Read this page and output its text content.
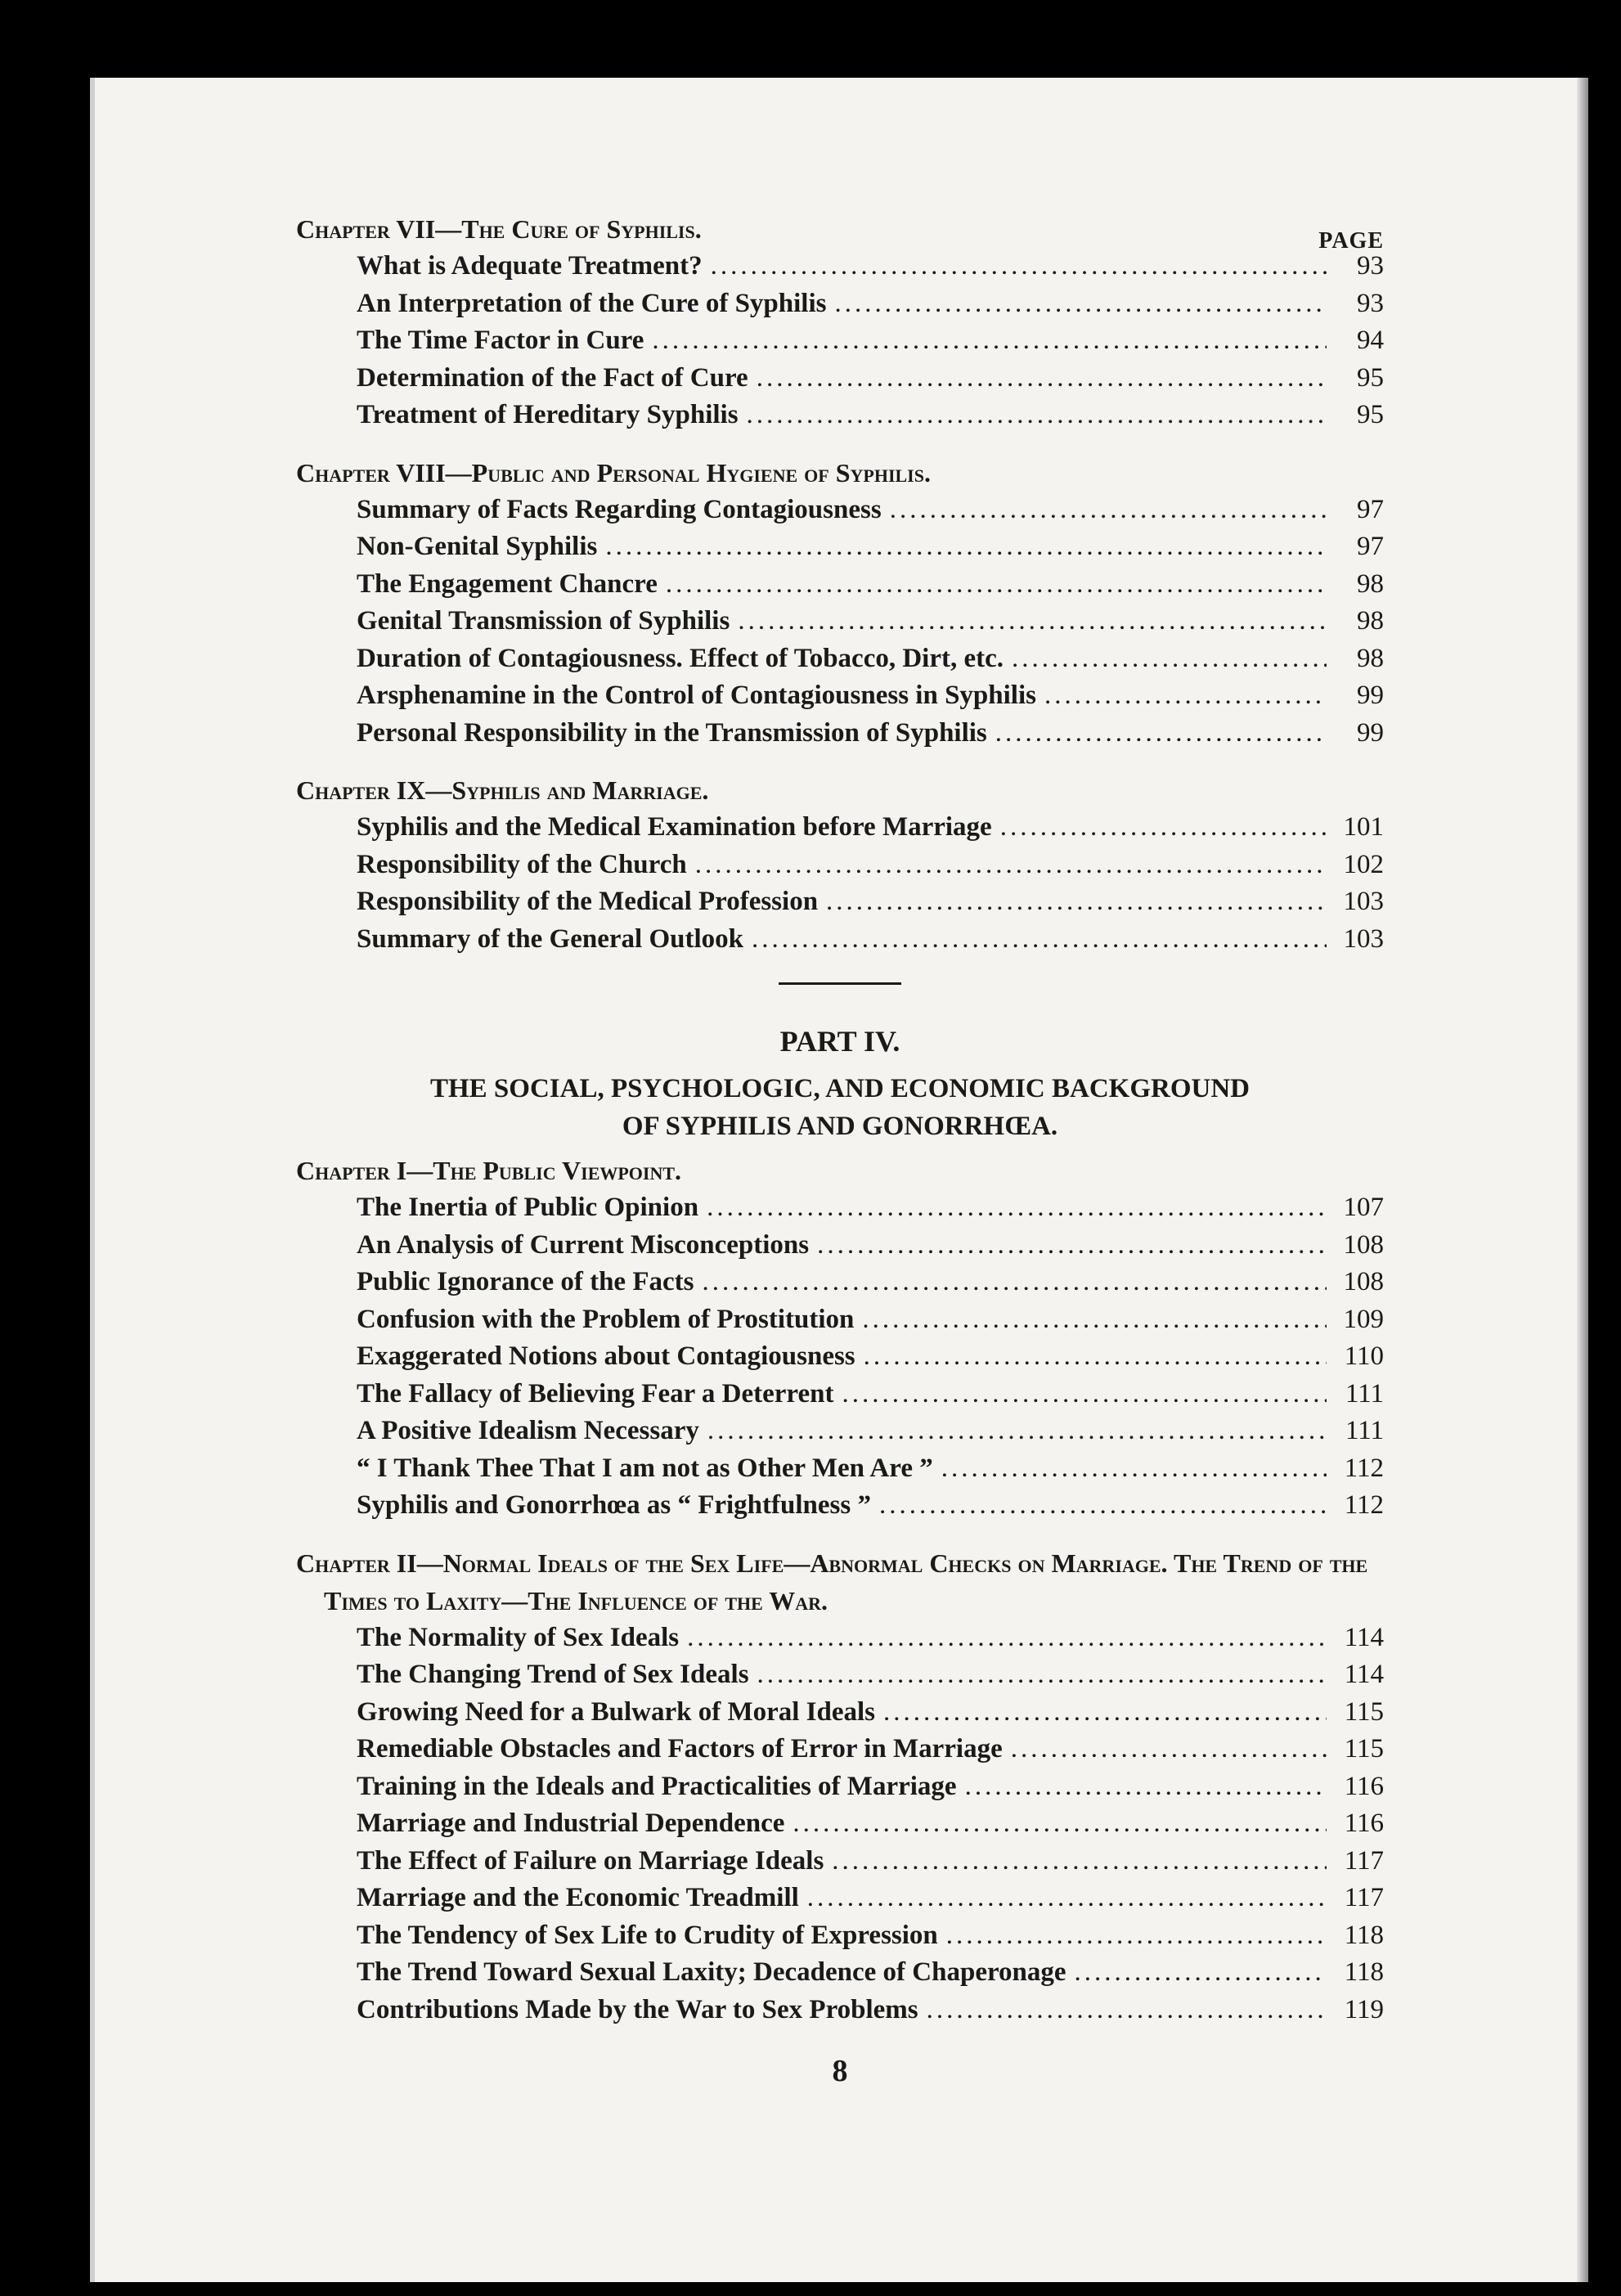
PAGE
Chapter VII—The Cure of Syphilis.
What is Adequate Treatment? .....	93
An Interpretation of the Cure of Syphilis .....	93
The Time Factor in Cure .....	94
Determination of the Fact of Cure .....	95
Treatment of Hereditary Syphilis .....	95
Chapter VIII—Public and Personal Hygiene of Syphilis.
Summary of Facts Regarding Contagiousness .....	97
Non-Genital Syphilis .....	97
The Engagement Chancre .....	98
Genital Transmission of Syphilis .....	98
Duration of Contagiousness. Effect of Tobacco, Dirt, etc. .....	98
Arsphenamine in the Control of Contagiousness in Syphilis .....	99
Personal Responsibility in the Transmission of Syphilis .....	99
Chapter IX—Syphilis and Marriage.
Syphilis and the Medical Examination before Marriage .....	101
Responsibility of the Church .....	102
Responsibility of the Medical Profession .....	103
Summary of the General Outlook .....	103
PART IV.
THE SOCIAL, PSYCHOLOGIC, AND ECONOMIC BACKGROUND
OF SYPHILIS AND GONORRHŒA.
Chapter I—The Public Viewpoint.
The Inertia of Public Opinion .....	107
An Analysis of Current Misconceptions .....	108
Public Ignorance of the Facts .....	108
Confusion with the Problem of Prostitution .....	109
Exaggerated Notions about Contagiousness .....	110
The Fallacy of Believing Fear a Deterrent .....	111
A Positive Idealism Necessary .....	111
“ I Thank Thee That I am not as Other Men Are ” .....	112
Syphilis and Gonorrhœa as “ Frightfulness ” .....	112
Chapter II—Normal Ideals of the Sex Life—Abnormal Checks on Marriage. The Trend of the Times to Laxity—The Influence of the War.
The Normality of Sex Ideals .....	114
The Changing Trend of Sex Ideals .....	114
Growing Need for a Bulwark of Moral Ideals .....	115
Remediable Obstacles and Factors of Error in Marriage .....	115
Training in the Ideals and Practicalities of Marriage .....	116
Marriage and Industrial Dependence .....	116
The Effect of Failure on Marriage Ideals .....	117
Marriage and the Economic Treadmill .....	117
The Tendency of Sex Life to Crudity of Expression .....	118
The Trend Toward Sexual Laxity; Decadence of Chaperonage .....	118
Contributions Made by the War to Sex Problems .....	119
8
